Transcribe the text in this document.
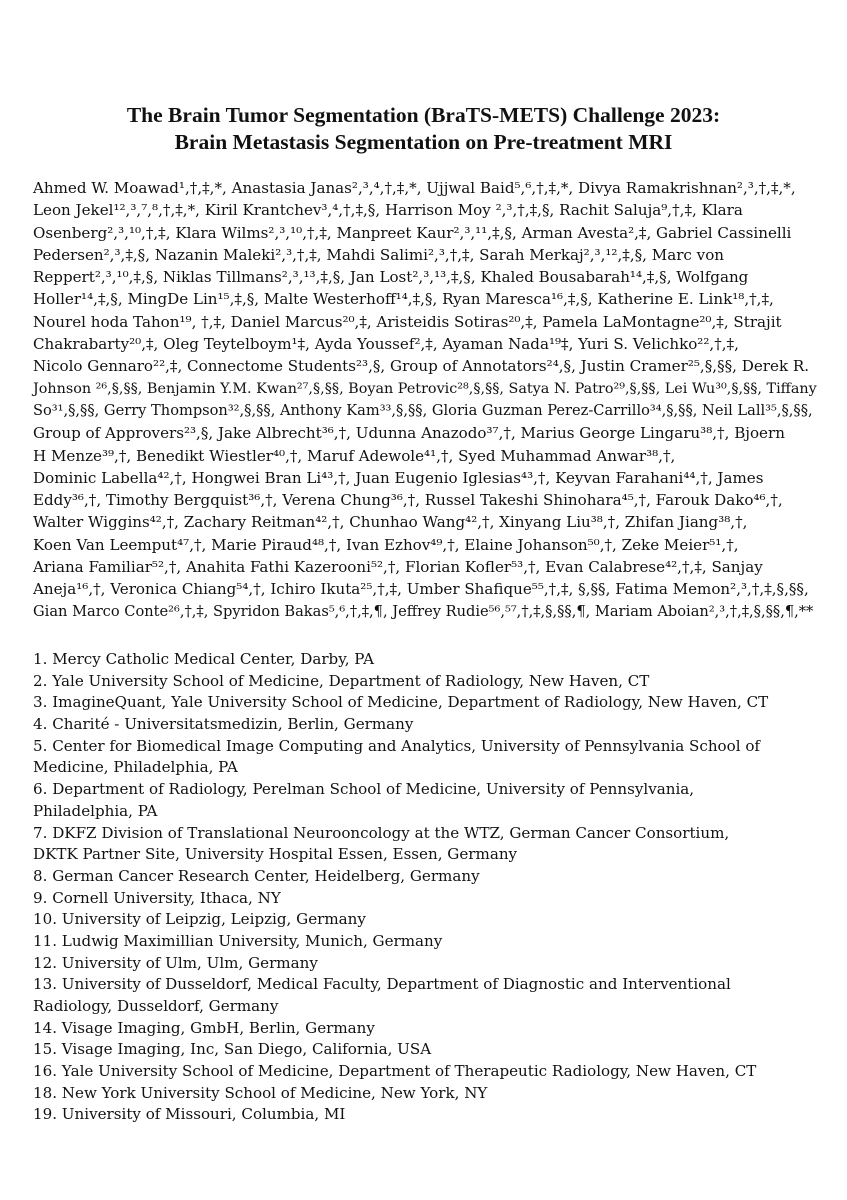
The Brain Tumor Segmentation (BraTS-METS) Challenge 2023:
Brain Metastasis Segmentation on Pre-treatment MRI
Ahmed W. Moawad¹,†,‡,*, Anastasia Janas²,³,⁴,†,‡,*, Ujjwal Baid⁵,⁶,†,‡,*, Divya Ramakrishnan²,³,†,‡,*,
Leon Jekel¹²,³,⁷,⁸,†,‡,*, Kiril Krantchev³,⁴,†,‡,§, Harrison Moy ²,³,†,‡,§, Rachit Saluja⁹,†,‡, Klara
Osenberg²,³,¹⁰,†,‡, Klara Wilms²,³,¹⁰,†,‡, Manpreet Kaur²,³,¹¹,‡,§, Arman Avesta²,‡, Gabriel Cassinelli
Pedersen²,³,‡,§, Nazanin Maleki²,³,†,‡, Mahdi Salimi²,³,†,‡, Sarah Merkaj²,³,¹²,‡,§, Marc von
Reppert²,³,¹⁰,‡,§, Niklas Tillmans²,³,¹³,‡,§, Jan Lost²,³,¹³,‡,§, Khaled Bousabarah¹⁴,‡,§, Wolfgang
Holler¹⁴,‡,§, MingDe Lin¹⁵,‡,§, Malte Westerhoff¹⁴,‡,§, Ryan Maresca¹⁶,‡,§, Katherine E. Link¹⁸,†,‡,
Nourel hoda Tahon¹⁹, †,‡, Daniel Marcus²⁰,‡, Aristeidis Sotiras²⁰,‡, Pamela LaMontagne²⁰,‡, Strajit
Chakrabarty²⁰,‡, Oleg Teytelboym¹‡, Ayda Youssef²,‡, Ayaman Nada¹⁹‡, Yuri S. Velichko²²,†,‡,
Nicolo Gennaro²²,‡, Connectome Students²³,§, Group of Annotators²⁴,§, Justin Cramer²⁵,§,§§, Derek R.
Johnson ²⁶,§,§§, Benjamin Y.M. Kwan²⁷,§,§§, Boyan Petrovic²⁸,§,§§, Satya N. Patro²⁹,§,§§, Lei Wu³⁰,§,§§, Tiffany
So³¹,§,§§, Gerry Thompson³²,§,§§, Anthony Kam³³,§,§§, Gloria Guzman Perez-Carrillo³⁴,§,§§, Neil Lall³⁵,§,§§,
Group of Approvers²³,§, Jake Albrecht³⁶,†, Udunna Anazodo³⁷,†, Marius George Lingaru³⁸,†, Bjoern
H Menze³⁹,†, Benedikt Wiestler⁴⁰,†, Maruf Adewole⁴¹,†, Syed Muhammad Anwar³⁸,†,
Dominic Labella⁴²,†, Hongwei Bran Li⁴³,†, Juan Eugenio Iglesias⁴³,†, Keyvan Farahani⁴⁴,†, James
Eddy³⁶,†, Timothy Bergquist³⁶,†, Verena Chung³⁶,†, Russel Takeshi Shinohara⁴⁵,†, Farouk Dako⁴⁶,†,
Walter Wiggins⁴²,†, Zachary Reitman⁴²,†, Chunhao Wang⁴²,†, Xinyang Liu³⁸,†, Zhifan Jiang³⁸,†,
Koen Van Leemput⁴⁷,†, Marie Piraud⁴⁸,†, Ivan Ezhov⁴⁹,†, Elaine Johanson⁵⁰,†, Zeke Meier⁵¹,†,
Ariana Familiar⁵²,†, Anahita Fathi Kazerooni⁵²,†, Florian Kofler⁵³,†, Evan Calabrese⁴²,†,‡, Sanjay
Aneja¹⁶,†, Veronica Chiang⁵⁴,†, Ichiro Ikuta²⁵,†,‡, Umber Shafique⁵⁵,†,‡, §,§§, Fatima Memon²,³,†,‡,§,§§,
Gian Marco Conte²⁶,†,‡, Spyridon Bakas⁵,⁶,†,‡,¶, Jeffrey Rudie⁵⁶,⁵⁷,†,‡,§,§§,¶, Mariam Aboian²,³,†,‡,§,§§,¶,**
1. Mercy Catholic Medical Center, Darby, PA
2. Yale University School of Medicine, Department of Radiology, New Haven, CT
3. ImagineQuant, Yale University School of Medicine, Department of Radiology, New Haven, CT
4. Charité - Universitatsmedizin, Berlin, Germany
5. Center for Biomedical Image Computing and Analytics, University of Pennsylvania School of
Medicine, Philadelphia, PA
6. Department of Radiology, Perelman School of Medicine, University of Pennsylvania,
Philadelphia, PA
7. DKFZ Division of Translational Neurooncology at the WTZ, German Cancer Consortium,
DKTK Partner Site, University Hospital Essen, Essen, Germany
8. German Cancer Research Center, Heidelberg, Germany
9. Cornell University, Ithaca, NY
10. University of Leipzig, Leipzig, Germany
11. Ludwig Maximillian University, Munich, Germany
12. University of Ulm, Ulm, Germany
13. University of Dusseldorf, Medical Faculty, Department of Diagnostic and Interventional
Radiology, Dusseldorf, Germany
14. Visage Imaging, GmbH, Berlin, Germany
15. Visage Imaging, Inc, San Diego, California, USA
16. Yale University School of Medicine, Department of Therapeutic Radiology, New Haven, CT
18. New York University School of Medicine, New York, NY
19. University of Missouri, Columbia, MI
